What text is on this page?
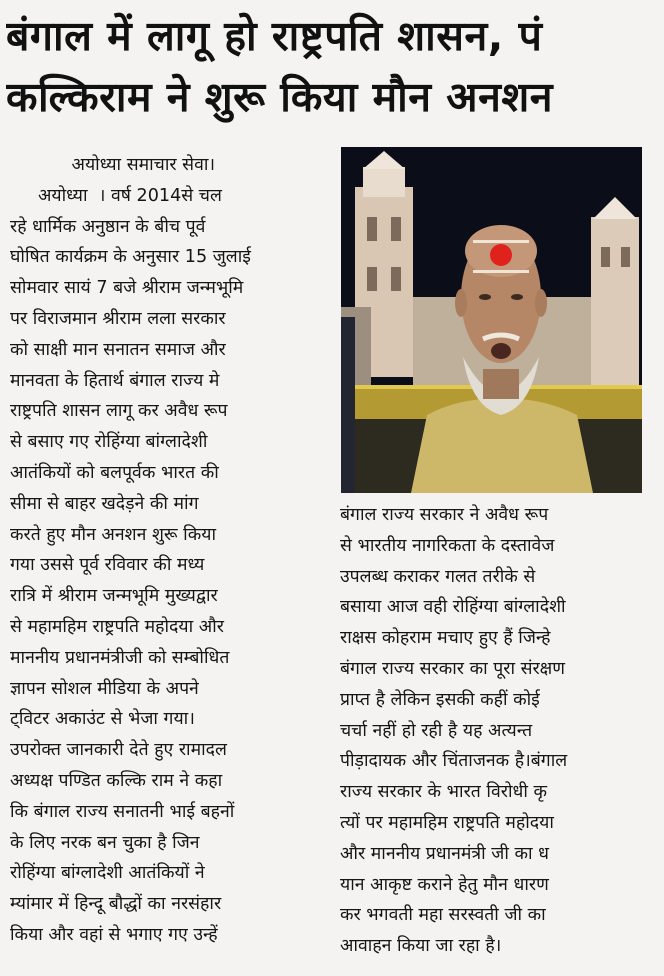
बंगाल में लागू हो राष्ट्रपति शासन, पं
कल्किराम ने शुरू किया मौन अनशन
अयोध्या समाचार सेवा।
अयोध्या  । वर्ष 2014से चल
रहे धार्मिक अनुष्ठान के बीच पूर्व
घोषित कार्यक्रम के अनुसार 15 जुलाई
सोमवार सायं 7 बजे श्रीराम जन्मभूमि
पर विराजमान श्रीराम लला सरकार
को साक्षी मान सनातन समाज और
मानवता के हितार्थ बंगाल राज्य मे
राष्ट्रपति शासन लागू कर अवैध रूप
से बसाए गए रोहिंग्या बांग्लादेशी
आतंकियों को बलपूर्वक भारत की
सीमा से बाहर खदेड़ने की मांग
करते हुए मौन अनशन शुरू किया
गया उससे पूर्व रविवार की मध्य
रात्रि में श्रीराम जन्मभूमि मुख्यद्वार
से महामहिम राष्ट्रपति महोदया और
माननीय प्रधानमंत्रीजी को सम्बोधित
ज्ञापन सोशल मीडिया के अपने
ट्विटर अकाउंट से भेजा गया।
उपरोक्त जानकारी देते हुए रामादल
अध्यक्ष पण्डित कल्कि राम ने कहा
कि बंगाल राज्य सनातनी भाई बहनों
के लिए नरक बन चुका है जिन
रोहिंग्या बांग्लादेशी आतंकियों ने
म्यांमार में हिन्दू बौद्धों का नरसंहार
किया और वहां से भगाए गए उन्हें
बंगाल राज्य सरकार ने अवैध रूप
से भारतीय नागरिकता के दस्तावेज
उपलब्ध कराकर गलत तरीके से
बसाया आज वही रोहिंग्या बांग्लादेशी
राक्षस कोहराम मचाए हुए हैं जिन्हे
बंगाल राज्य सरकार का पूरा संरक्षण
प्राप्त है लेकिन इसकी कहीं कोई
चर्चा नहीं हो रही है यह अत्यन्त
पीड़ादायक और चिंताजनक है।बंगाल
राज्य सरकार के भारत विरोधी कृ
त्यों पर महामहिम राष्ट्रपति महोदया
और माननीय प्रधानमंत्री जी का ध
यान आकृष्ट कराने हेतु मौन धारण
कर भगवती महा सरस्वती जी का
आवाहन किया जा रहा है।
